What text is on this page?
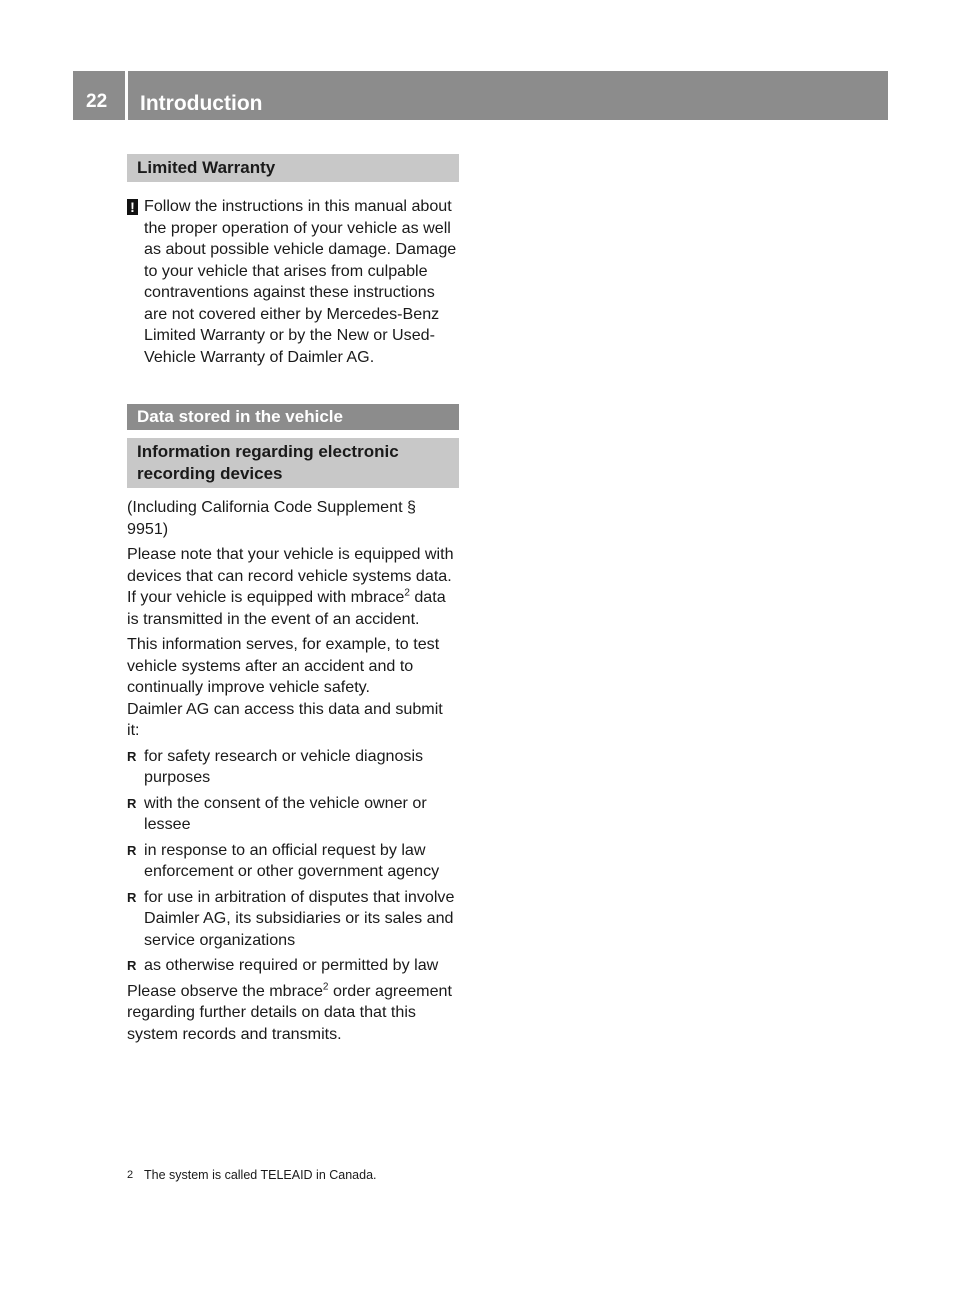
22	Introduction
Limited Warranty
! Follow the instructions in this manual about the proper operation of your vehicle as well as about possible vehicle damage. Damage to your vehicle that arises from culpable contraventions against these instructions are not covered either by Mercedes-Benz Limited Warranty or by the New or Used-Vehicle Warranty of Daimler AG.

Data stored in the vehicle
Information regarding electronic recording devices

(Including California Code Supplement § 9951)

Please note that your vehicle is equipped with devices that can record vehicle systems data. If your vehicle is equipped with mbrace$^2$ data is transmitted in the event of an accident.

This information serves, for example, to test vehicle systems after an accident and to continually improve vehicle safety.

Daimler AG can access this data and submit it:

R for safety research or vehicle diagnosis purposes
R with the consent of the vehicle owner or lessee
R in response to an official request by law enforcement or other government agency
R for use in arbitration of disputes that involve Daimler AG, its subsidiaries or its sales and service organizations
R as otherwise required or permitted by law

Please observe the mbrace$^2$ order agreement regarding further details on data that this system records and transmits.

2 The system is called TELEAID in Canada.
